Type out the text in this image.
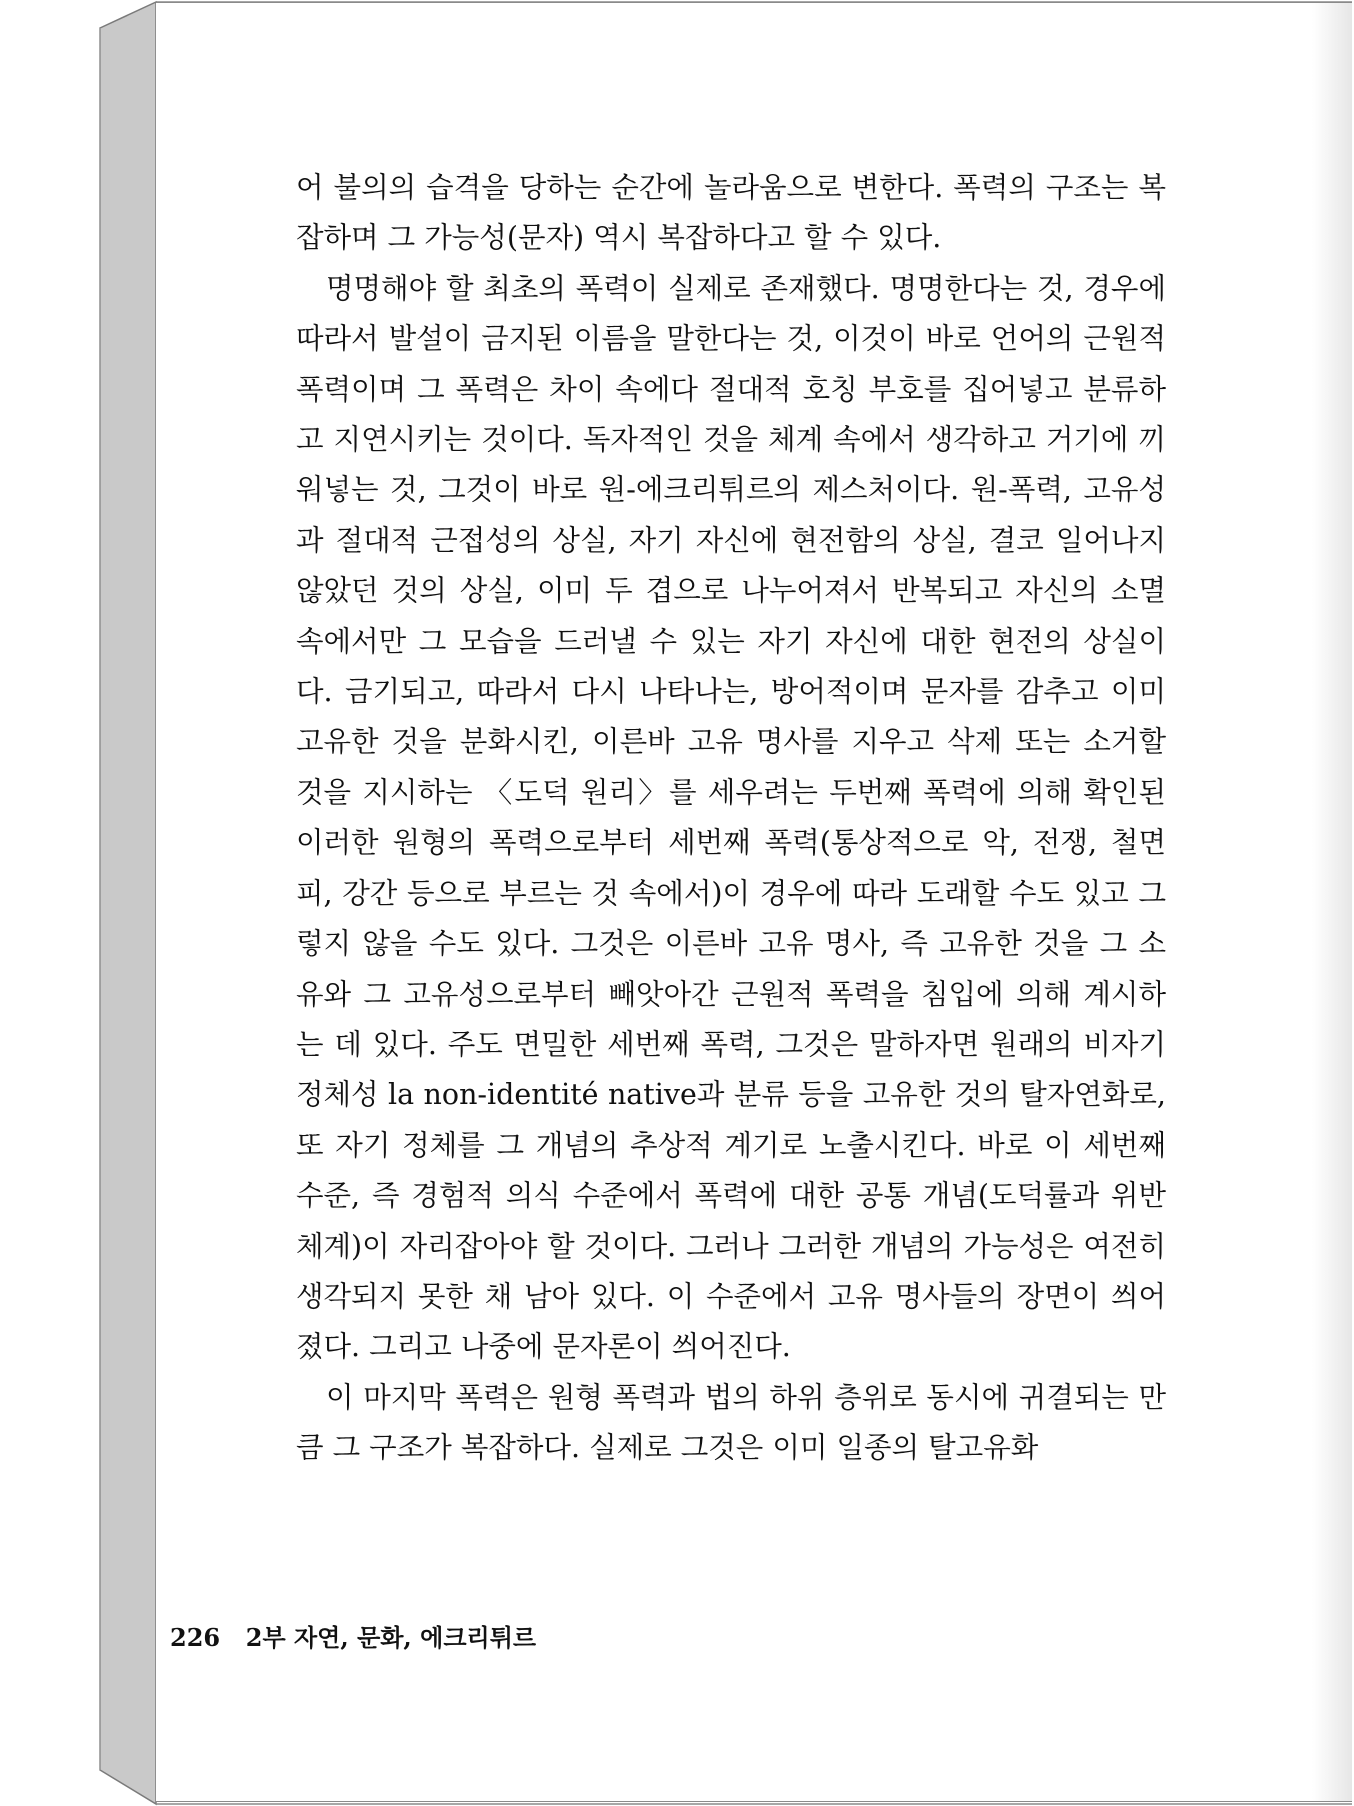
어 불의의 습격을 당하는 순간에 놀라움으로 변한다. 폭력의 구조는 복잡하며 그 가능성(문자) 역시 복잡하다고 할 수 있다.

명명해야 할 최초의 폭력이 실제로 존재했다. 명명한다는 것, 경우에 따라서 발설이 금지된 이름을 말한다는 것, 이것이 바로 언어의 근원적 폭력이며 그 폭력은 차이 속에다 절대적 호칭 부호를 집어넣고 분류하고 지연시키는 것이다. 독자적인 것을 체계 속에서 생각하고 거기에 끼워넣는 것, 그것이 바로 원-에크리튀르의 제스처이다. 원-폭력, 고유성과 절대적 근접성의 상실, 자기 자신에 현전함의 상실, 결코 일어나지 않았던 것의 상실, 이미 두 겹으로 나누어져서 반복되고 자신의 소멸 속에서만 그 모습을 드러낼 수 있는 자기 자신에 대한 현전의 상실이다. 금기되고, 따라서 다시 나타나는, 방어적이며 문자를 감추고 이미 고유한 것을 분화시킨, 이른바 고유 명사를 지우고 삭제 또는 소거할 것을 지시하는 〈도덕 원리〉를 세우려는 두번째 폭력에 의해 확인된 이러한 원형의 폭력으로부터 세번째 폭력(통상적으로 악, 전쟁, 철면피, 강간 등으로 부르는 것 속에서)이 경우에 따라 도래할 수도 있고 그렇지 않을 수도 있다. 그것은 이른바 고유 명사, 즉 고유한 것을 그 소유와 그 고유성으로부터 빼앗아간 근원적 폭력을 침입에 의해 계시하는 데 있다. 주도 면밀한 세번째 폭력, 그것은 말하자면 원래의 비자기 정체성 la non-identité native과 분류 등을 고유한 것의 탈자연화로, 또 자기 정체를 그 개념의 추상적 계기로 노출시킨다. 바로 이 세번째 수준, 즉 경험적 의식 수준에서 폭력에 대한 공통 개념(도덕률과 위반 체계)이 자리잡아야 할 것이다. 그러나 그러한 개념의 가능성은 여전히 생각되지 못한 채 남아 있다. 이 수준에서 고유 명사들의 장면이 씌어졌다. 그리고 나중에 문자론이 씌어진다.

이 마지막 폭력은 원형 폭력과 법의 하위 층위로 동시에 귀결되는 만큼 그 구조가 복잡하다. 실제로 그것은 이미 일종의 탈고유화

226 2부 자연, 문화, 에크리튀르
